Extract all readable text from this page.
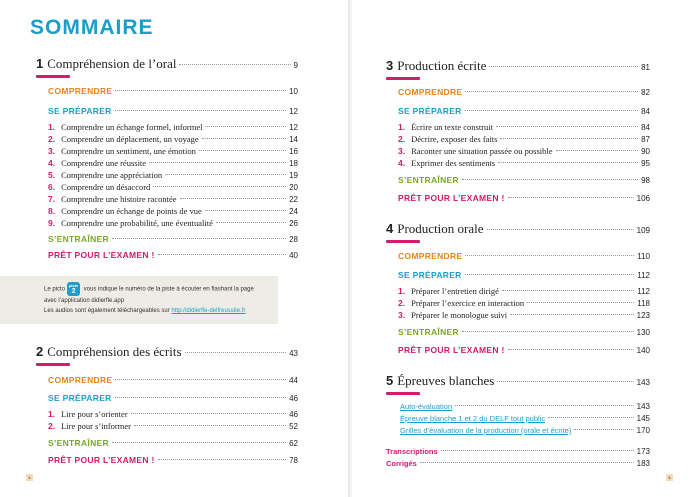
SOMMAIRE
1 Compréhension de l’oral	9
COMPRENDRE	10
SE PRÉPARER	12
1. Comprendre un échange formel, informel	12
2. Comprendre un déplacement, un voyage	14
3. Comprendre un sentiment, une émotion	16
4. Comprendre une réussite	18
5. Comprendre une appréciation	19
6. Comprendre un désaccord	20
7. Comprendre une histoire racontée	22
8. Comprendre un échange de points de vue	24
9. Comprendre une probabilité, une éventualité	26
S’ENTRAÎNER	28
PRÊT POUR L’EXAMEN !	40
Le picto
piste
2 vous indique le numéro de la piste à écouter en flashant la page
avec l’application didierfle.app
Les audios sont également téléchargeables sur http://didierfle-delfreussite.fr
2 Compréhension des écrits	43
COMPRENDRE	44
SE PRÉPARER	46
1. Lire pour s’orienter	46
2. Lire pour s’informer	52
S’ENTRAÎNER	62
PRÊT POUR L’EXAMEN !	78
4
3 Production écrite	81
COMPRENDRE	82
SE PRÉPARER	84
1. Écrire un texte construit	84
2. Décrire, exposer des faits	87
3. Raconter une situation passée ou possible	90
4. Exprimer des sentiments	95
S’ENTRAÎNER	98
PRÊT POUR L’EXAMEN !	106
4 Production orale	109
COMPRENDRE	110
SE PRÉPARER	112
1. Préparer l’entretien dirigé	112
2. Préparer l’exercice en interaction	118
3. Préparer le monologue suivi	123
S’ENTRAÎNER	130
PRÊT POUR L’EXAMEN !	140
5 Épreuves blanches	143
Auto-évaluation	143
Épreuve blanche 1 et 2 du DELF tout public	145
Grilles d’évaluation de la production (orale et écrite)	170
Transcriptions	173
Corrigés	183
5
